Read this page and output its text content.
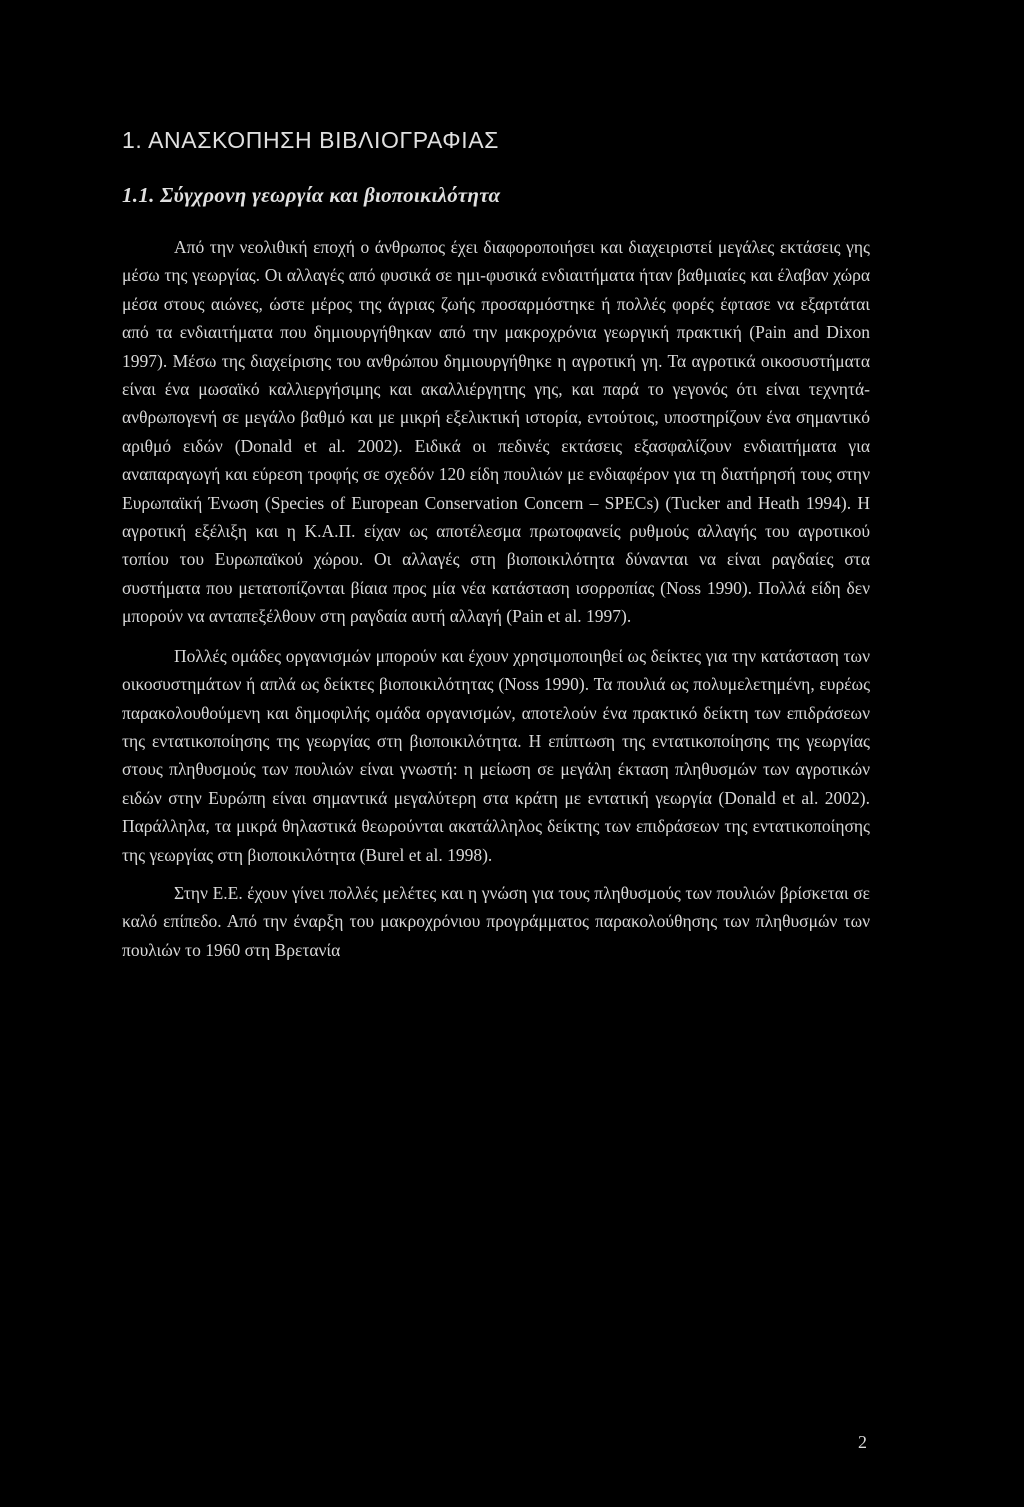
1. ΑΝΑΣΚΟΠΗΣΗ ΒΙΒΛΙΟΓΡΑΦΙΑΣ
1.1. Σύγχρονη γεωργία και βιοποικιλότητα

Από την νεολιθική εποχή ο άνθρωπος έχει διαφοροποιήσει και διαχειριστεί μεγάλες εκτάσεις γης μέσω της γεωργίας. Οι αλλαγές από φυσικά σε ημι-φυσικά ενδιαιτήματα ήταν βαθμιαίες και έλαβαν χώρα μέσα στους αιώνες, ώστε μέρος της άγριας ζωής προσαρμόστηκε ή πολλές φορές έφτασε να εξαρτάται από τα ενδιαιτήματα που δημιουργήθηκαν από την μακροχρόνια γεωργική πρακτική (Pain and Dixon 1997). Μέσω της διαχείρισης του ανθρώπου δημιουργήθηκε η αγροτική γη. Τα αγροτικά οικοσυστήματα είναι ένα μωσαϊκό καλλιεργήσιμης και ακαλλιέργητης γης, και παρά το γεγονός ότι είναι τεχνητά-ανθρωπογενή σε μεγάλο βαθμό και με μικρή εξελικτική ιστορία, εντούτοις, υποστηρίζουν ένα σημαντικό αριθμό ειδών (Donald et al. 2002). Ειδικά οι πεδινές εκτάσεις εξασφαλίζουν ενδιαιτήματα για αναπαραγωγή και εύρεση τροφής σε σχεδόν 120 είδη πουλιών με ενδιαφέρον για τη διατήρησή τους στην Ευρωπαϊκή Ένωση (Species of European Conservation Concern – SPECs) (Tucker and Heath 1994). Η αγροτική εξέλιξη και η Κ.Α.Π. είχαν ως αποτέλεσμα πρωτοφανείς ρυθμούς αλλαγής του αγροτικού τοπίου του Ευρωπαϊκού χώρου. Οι αλλαγές στη βιοποικιλότητα δύνανται να είναι ραγδαίες στα συστήματα που μετατοπίζονται βίαια προς μία νέα κατάσταση ισορροπίας (Noss 1990). Πολλά είδη δεν μπορούν να ανταπεξέλθουν στη ραγδαία αυτή αλλαγή (Pain et al. 1997).

Πολλές ομάδες οργανισμών μπορούν και έχουν χρησιμοποιηθεί ως δείκτες για την κατάσταση των οικοσυστημάτων ή απλά ως δείκτες βιοποικιλότητας (Noss 1990). Τα πουλιά ως πολυμελετημένη, ευρέως παρακολουθούμενη και δημοφιλής ομάδα οργανισμών, αποτελούν ένα πρακτικό δείκτη των επιδράσεων της εντατικοποίησης της γεωργίας στη βιοποικιλότητα. Η επίπτωση της εντατικοποίησης της γεωργίας στους πληθυσμούς των πουλιών είναι γνωστή: η μείωση σε μεγάλη έκταση πληθυσμών των αγροτικών ειδών στην Ευρώπη είναι σημαντικά μεγαλύτερη στα κράτη με εντατική γεωργία (Donald et al. 2002). Παράλληλα, τα μικρά θηλαστικά θεωρούνται ακατάλληλος δείκτης των επιδράσεων της εντατικοποίησης της γεωργίας στη βιοποικιλότητα (Burel et al. 1998).

Στην Ε.Ε. έχουν γίνει πολλές μελέτες και η γνώση για τους πληθυσμούς των πουλιών βρίσκεται σε καλό επίπεδο. Από την έναρξη του μακροχρόνιου προγράμματος παρακολούθησης των πληθυσμών των πουλιών το 1960 στη Βρετανία

2
